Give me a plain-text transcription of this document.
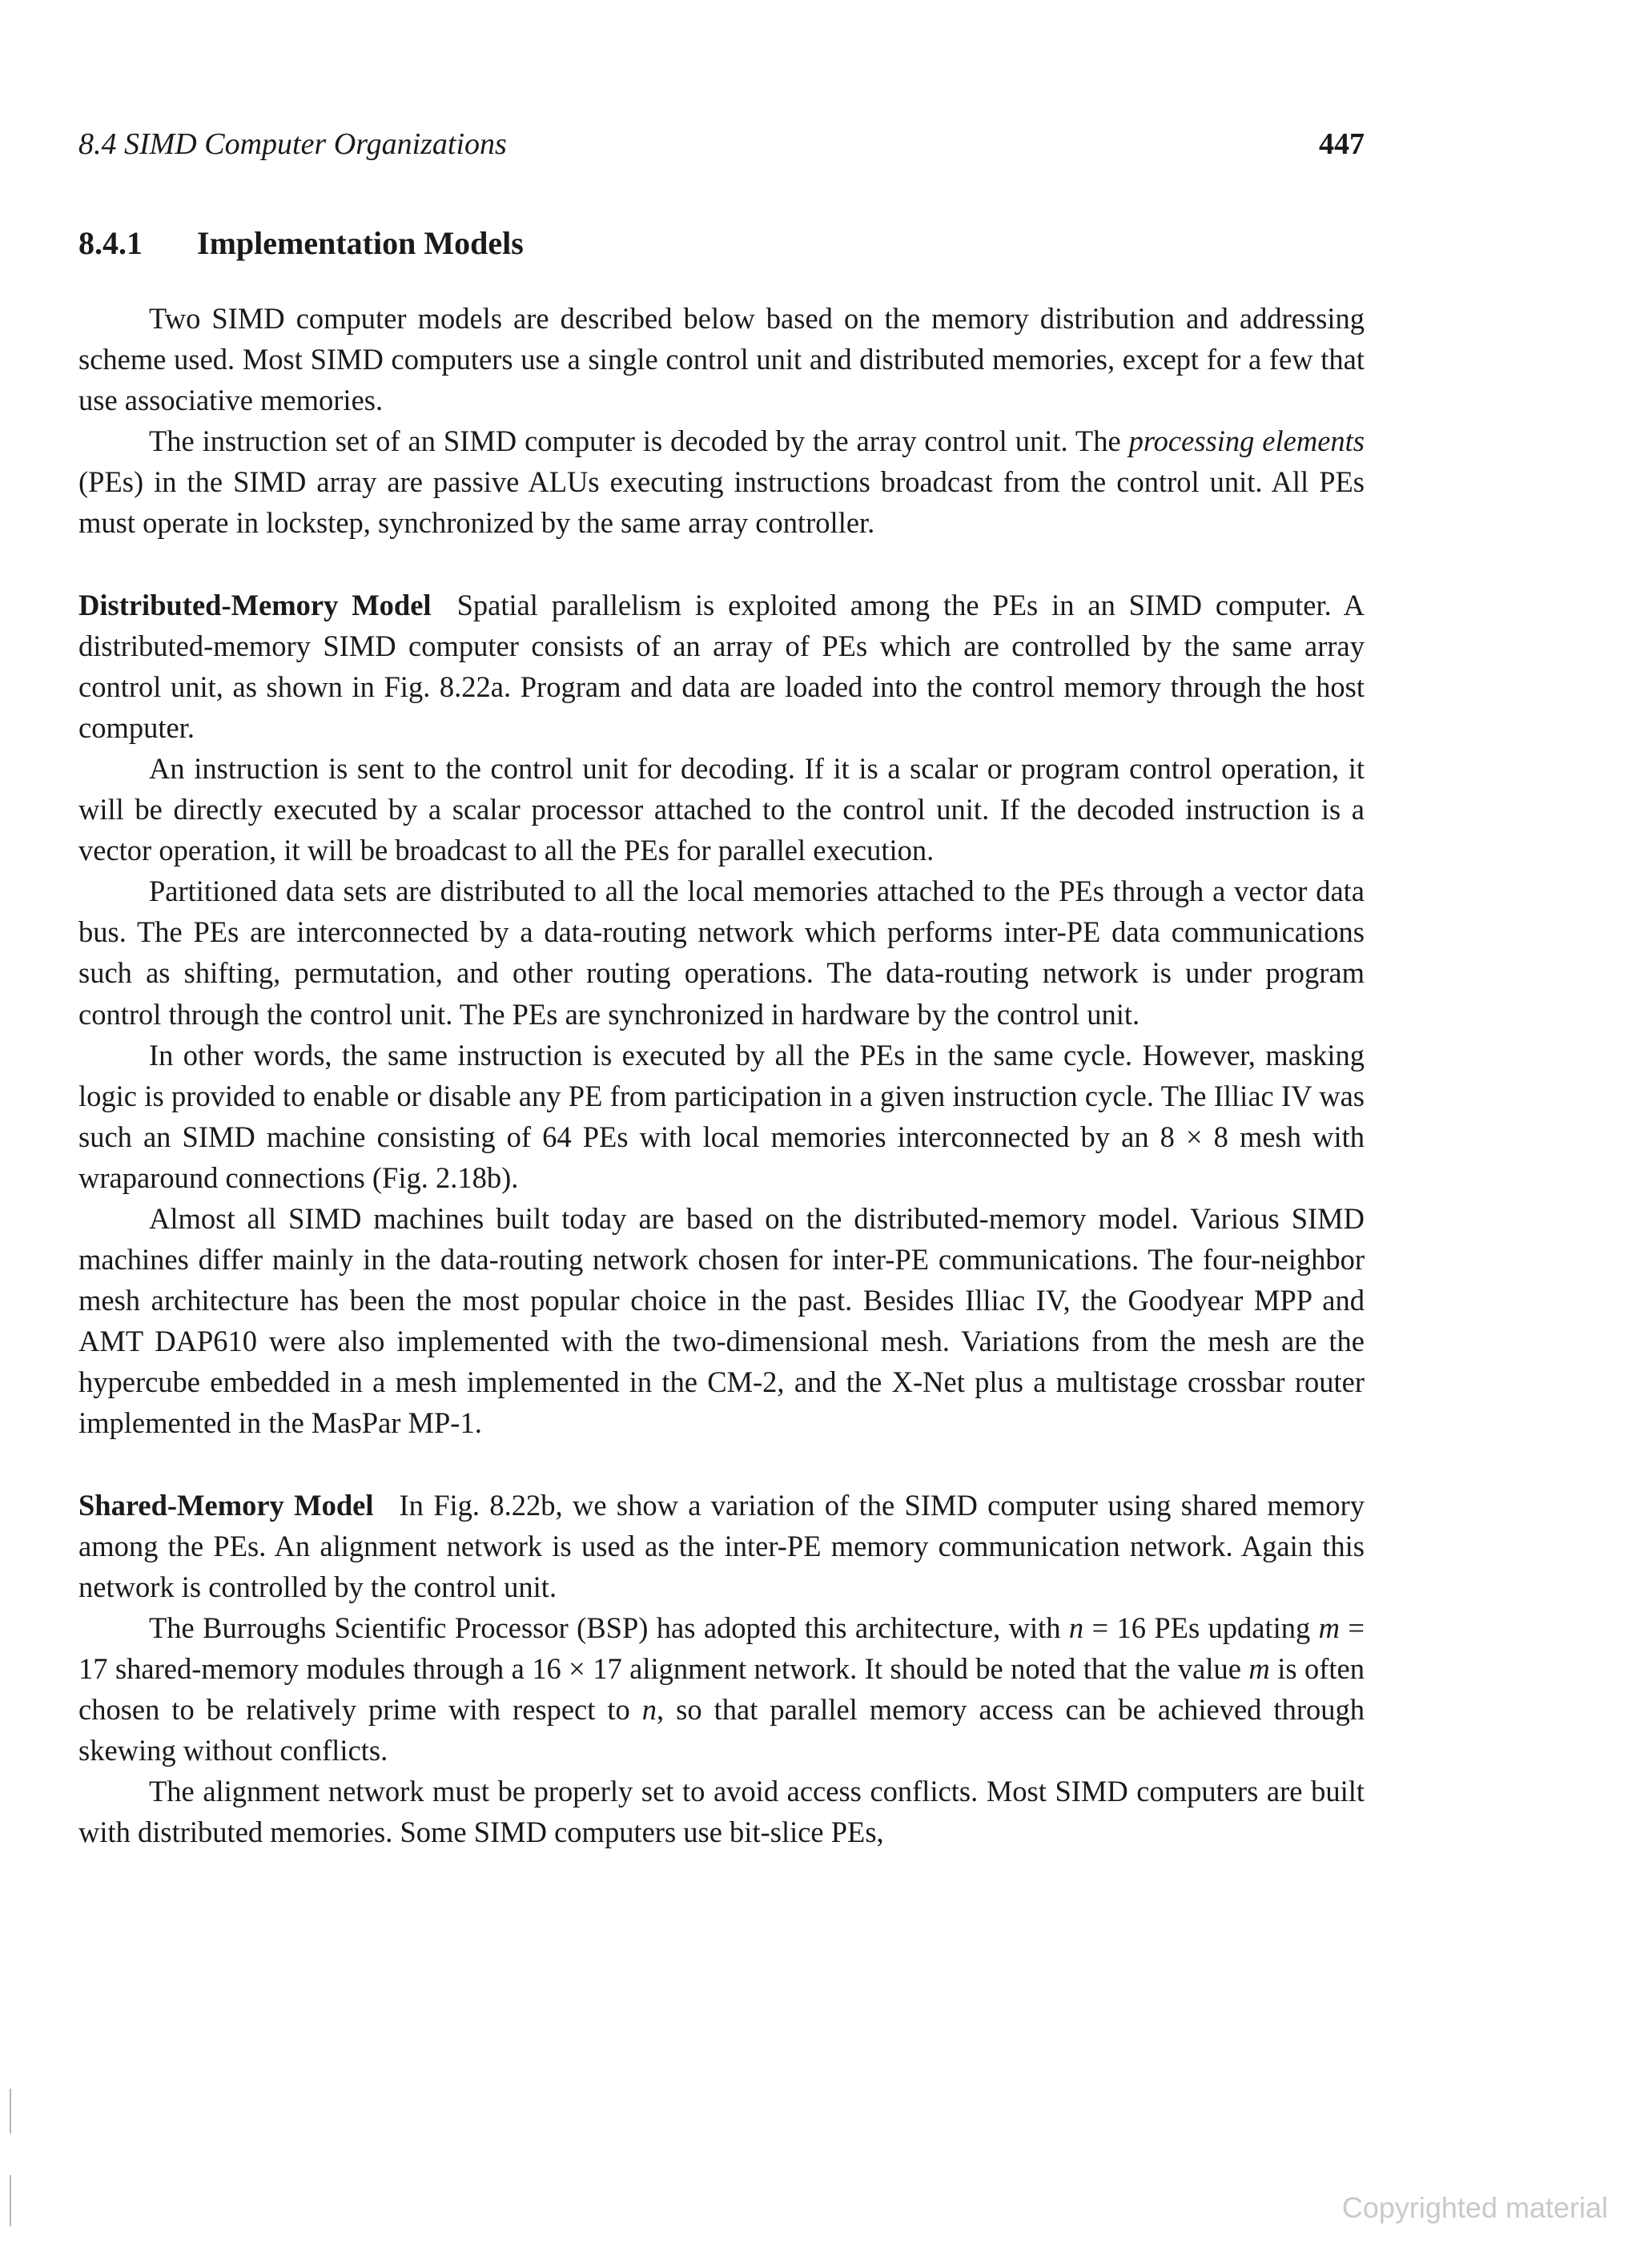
8.4 SIMD Computer Organizations	447
8.4.1 Implementation Models

Two SIMD computer models are described below based on the memory distribution and addressing scheme used. Most SIMD computers use a single control unit and distributed memories, except for a few that use associative memories.

The instruction set of an SIMD computer is decoded by the array control unit. The processing elements (PEs) in the SIMD array are passive ALUs executing instructions broadcast from the control unit. All PEs must operate in lockstep, synchronized by the same array controller.

Distributed-Memory Model Spatial parallelism is exploited among the PEs in an SIMD computer. A distributed-memory SIMD computer consists of an array of PEs which are controlled by the same array control unit, as shown in Fig. 8.22a. Program and data are loaded into the control memory through the host computer.

An instruction is sent to the control unit for decoding. If it is a scalar or program control operation, it will be directly executed by a scalar processor attached to the control unit. If the decoded instruction is a vector operation, it will be broadcast to all the PEs for parallel execution.

Partitioned data sets are distributed to all the local memories attached to the PEs through a vector data bus. The PEs are interconnected by a data-routing network which performs inter-PE data communications such as shifting, permutation, and other routing operations. The data-routing network is under program control through the control unit. The PEs are synchronized in hardware by the control unit.

In other words, the same instruction is executed by all the PEs in the same cycle. However, masking logic is provided to enable or disable any PE from participation in a given instruction cycle. The Illiac IV was such an SIMD machine consisting of 64 PEs with local memories interconnected by an 8 × 8 mesh with wraparound connections (Fig. 2.18b).

Almost all SIMD machines built today are based on the distributed-memory model. Various SIMD machines differ mainly in the data-routing network chosen for inter-PE communications. The four-neighbor mesh architecture has been the most popular choice in the past. Besides Illiac IV, the Goodyear MPP and AMT DAP610 were also implemented with the two-dimensional mesh. Variations from the mesh are the hypercube embedded in a mesh implemented in the CM-2, and the X-Net plus a multistage crossbar router implemented in the MasPar MP-1.

Shared-Memory Model In Fig. 8.22b, we show a variation of the SIMD computer using shared memory among the PEs. An alignment network is used as the inter-PE memory communication network. Again this network is controlled by the control unit.

The Burroughs Scientific Processor (BSP) has adopted this architecture, with n = 16 PEs updating m = 17 shared-memory modules through a 16 × 17 alignment network. It should be noted that the value m is often chosen to be relatively prime with respect to n, so that parallel memory access can be achieved through skewing without conflicts.

The alignment network must be properly set to avoid access conflicts. Most SIMD computers are built with distributed memories. Some SIMD computers use bit-slice PEs,

Copyrighted material
